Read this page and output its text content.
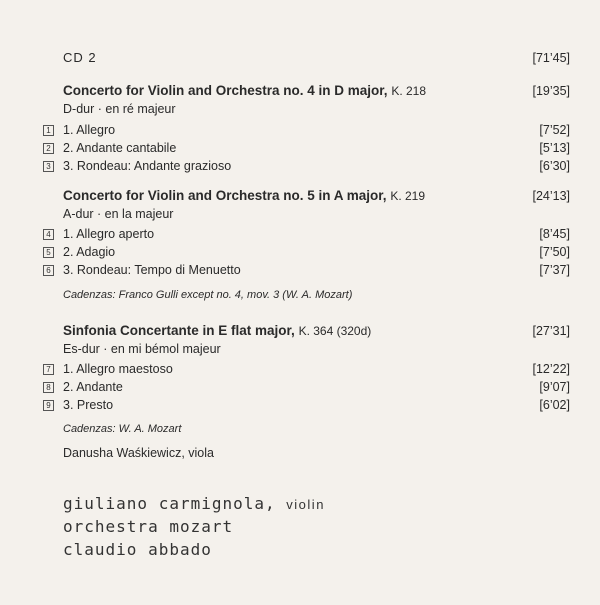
CD 2	[71’45]
Concerto for Violin and Orchestra no. 4 in D major, K. 218	[19’35]
D-dur · en ré majeur
1 1. Allegro	[7’52]
2 2. Andante cantabile	[5’13]
3 3. Rondeau: Andante grazioso	[6’30]
Concerto for Violin and Orchestra no. 5 in A major, K. 219	[24’13]
A-dur · en la majeur
4 1. Allegro aperto	[8’45]
5 2. Adagio	[7’50]
6 3. Rondeau: Tempo di Menuetto	[7’37]
Cadenzas: Franco Gulli except no. 4, mov. 3 (W. A. Mozart)
Sinfonia Concertante in E flat major, K. 364 (320d)	[27’31]
Es-dur · en mi bémol majeur
7 1. Allegro maestoso	[12’22]
8 2. Andante	[9’07]
9 3. Presto	[6’02]
Cadenzas: W. A. Mozart
Danusha Waśkiewicz, viola
giuliano carmignola, violin
orchestra mozart
claudio abbado
